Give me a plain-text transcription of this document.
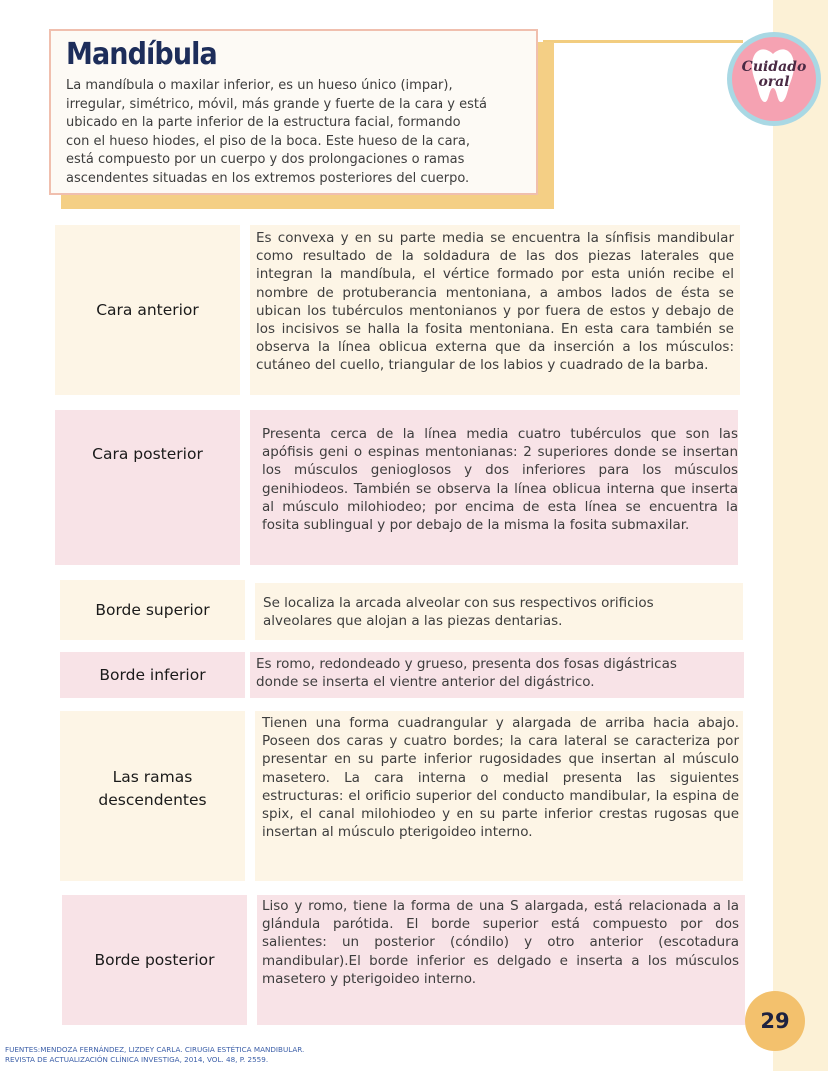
Mandíbula
La mandíbula o maxilar inferior, es un hueso único (impar),
irregular, simétrico, móvil, más grande y fuerte de la cara y está
ubicado en la parte inferior de la estructura facial, formando
con el hueso hiodes, el piso de la boca. Este hueso de la cara,
está compuesto por un cuerpo y dos prolongaciones o ramas
ascendentes situadas en los extremos posteriores del cuerpo.
Cuidado
oral
Cara anterior
Es convexa y en su parte media se encuentra la sínfisis mandibular como resultado de la soldadura de las dos piezas laterales que integran la mandíbula, el vértice formado por esta unión recibe el nombre de protuberancia mentoniana, a ambos lados de ésta se ubican los tubérculos mentonianos y por fuera de estos y debajo de los incisivos se halla la fosita mentoniana. En esta cara también se observa la línea oblicua externa que da inserción a los músculos: cutáneo del cuello, triangular de los labios y cuadrado de la barba.
Cara posterior
Presenta cerca de la línea media cuatro tubérculos que son las apófisis geni o espinas mentonianas: 2 superiores donde se insertan los músculos genioglosos y dos inferiores para los músculos genihiodeos. También se observa la línea oblicua interna que inserta al músculo milohiodeo; por encima de esta línea se encuentra la fosita sublingual y por debajo de la misma la fosita submaxilar.
Borde superior	Se localiza la arcada alveolar con sus respectivos orificios alveolares que alojan a las piezas dentarias.
Borde inferior
Es romo, redondeado y grueso, presenta dos fosas digástricas donde se inserta el vientre anterior del digástrico.
Las ramas descendentes
Tienen una forma cuadrangular y alargada de arriba hacia abajo. Poseen dos caras y cuatro bordes; la cara lateral se caracteriza por presentar en su parte inferior rugosidades que insertan al músculo masetero. La cara interna o medial presenta las siguientes estructuras: el orificio superior del conducto mandibular, la espina de spix, el canal milohiodeo y en su parte inferior crestas rugosas que insertan al músculo pterigoideo interno.
Borde posterior
Liso y romo, tiene la forma de una S alargada, está relacionada a la glándula parótida. El borde superior está compuesto por dos salientes: un posterior (cóndilo) y otro anterior (escotadura mandibular).El borde inferior es delgado e inserta a los músculos masetero y pterigoideo interno.
29
FUENTES:MENDOZA FERNÁNDEZ, LIZDEY CARLA. CIRUGIA ESTÉTICA MANDIBULAR.
REVISTA DE ACTUALIZACIÓN CLÍNICA INVESTIGA, 2014, VOL. 48, P. 2559.
